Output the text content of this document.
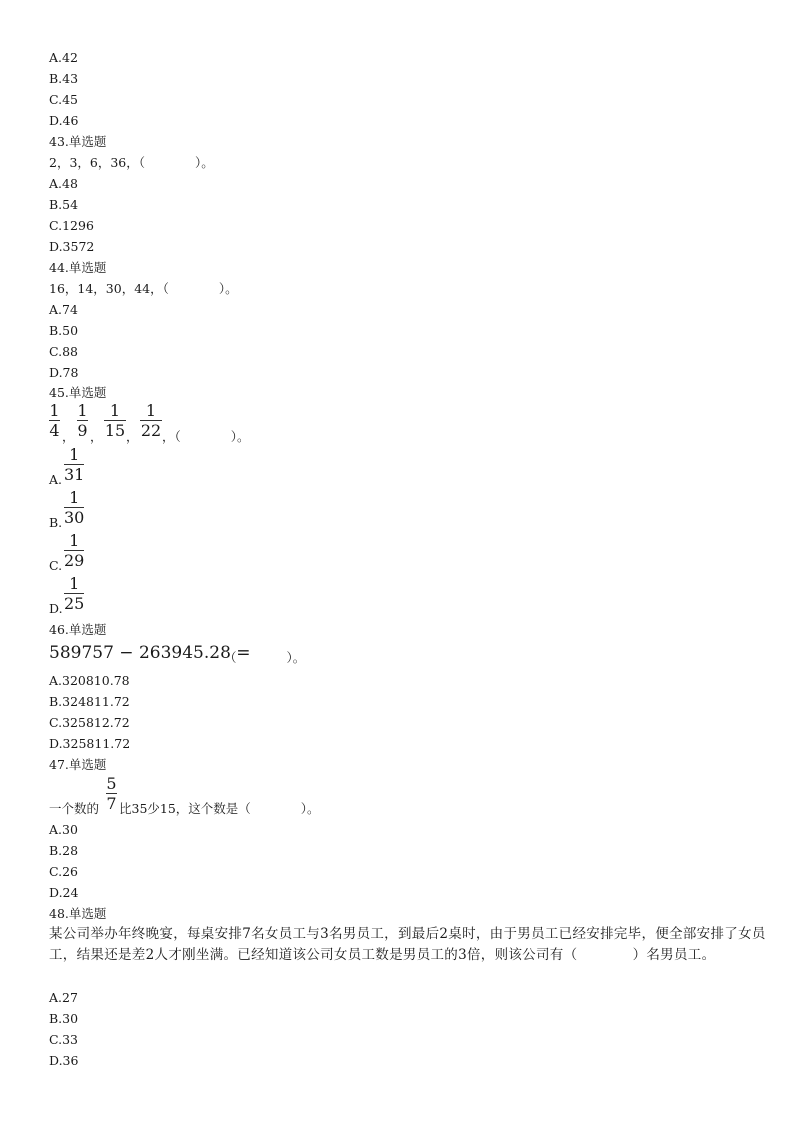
A.42
B.43
C.45
D.46
43.单选题
2，3，6，36，（　　　　）。
A.48
B.54
C.1296
D.3572
44.单选题
16，14，30，44，（　　　　）。
A.74
B.50
C.88
D.78
45.单选题
1
4 ，
1
9 ，
1
15 ，
1
22 ，（　　　　）。
A.
1
31
B.
1
30
C.
1
29
D.
1
25
46.单选题
589757 − 263945.28 =
（　　　　）。
A.320810.78
B.324811.72
C.325812.72
D.325811.72
47.单选题
一个数的
5
7 比35少15，这个数是（　　　　）。
A.30
B.28
C.26
D.24
48.单选题
某公司举办年终晚宴，每桌安排7名女员工与3名男员工，到最后2桌时，由于男员工已经安排完毕，便全部安排了女员工，结果还是差2人才刚坐满。已经知道该公司女员工数是男员工的3倍，则该公司有（　　　　）名男员工。
A.27
B.30
C.33
D.36
